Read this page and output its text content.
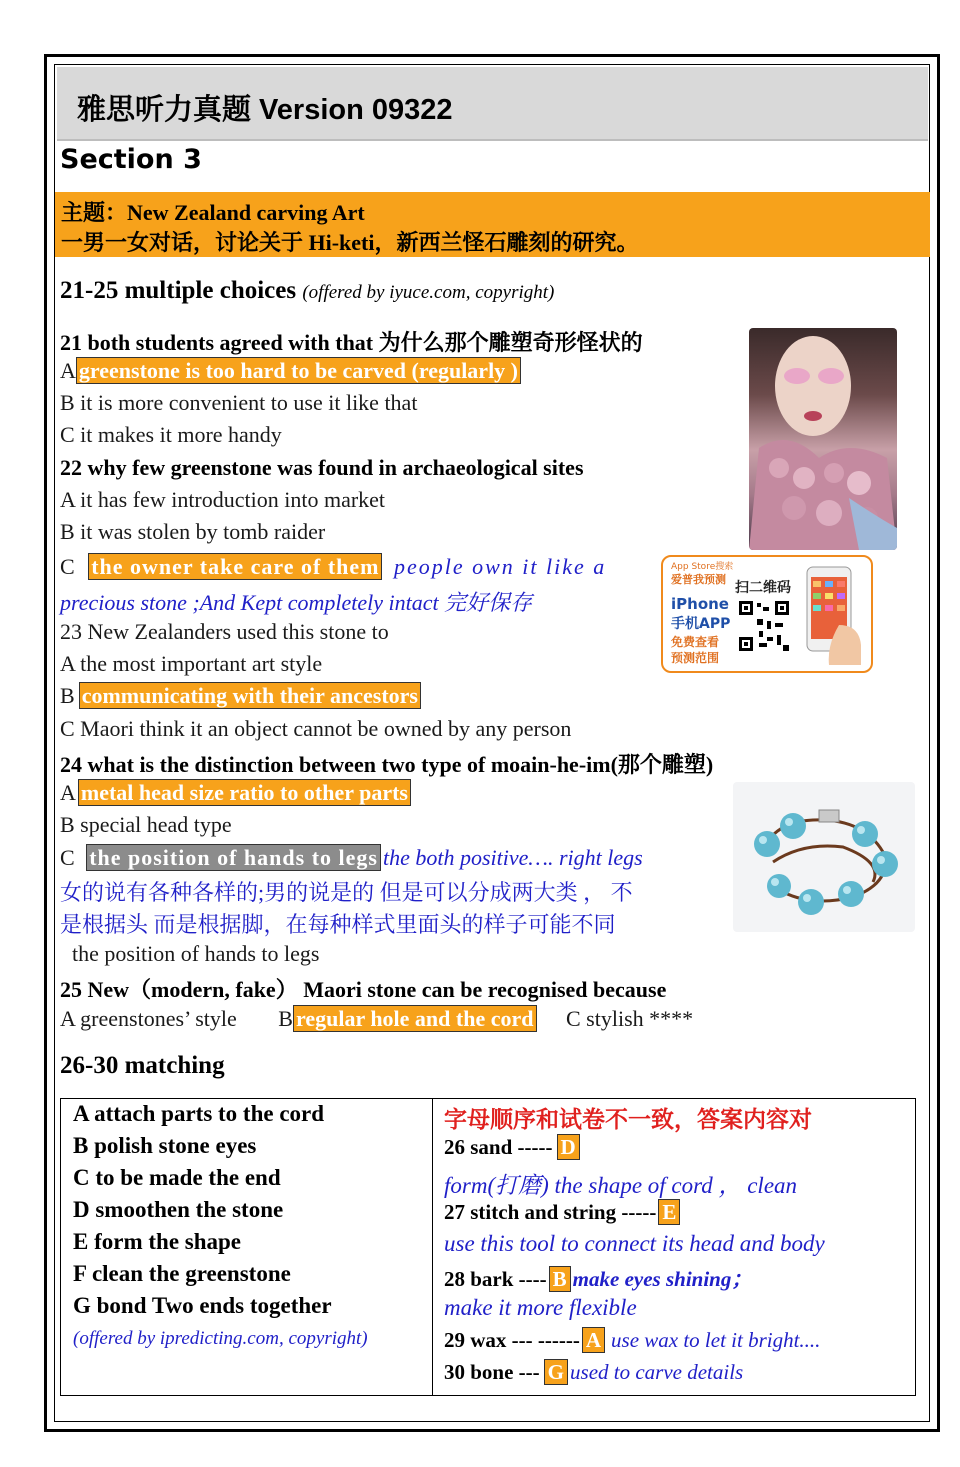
雅思听力真题 Version 09322
Section 3
主题：New Zealand carving Art
一男一女对话，讨论关于 Hi-keti，新西兰怪石雕刻的研究。
21-25 multiple choices (offered by iyuce.com, copyright)
21 both students agreed with that 为什么那个雕塑奇形怪状的
A greenstone is too hard to be carved (regularly )
B it is more convenient to use it like that
C it makes it more handy
22 why few greenstone was found in archaeological sites
A it has few introduction into market
B it was stolen by tomb raider
C the owner take care of them people own it like a
precious stone ;And Kept completely intact 完好保存
23 New Zealanders used this stone to
A the most important art style
B communicating with their ancestors
C Maori think it an object cannot be owned by any person
24 what is the distinction between two type of moain-he-im(那个雕塑)
A metal head size ratio to other parts
B special head type
C the position of hands to legs the both positive…. right legs
女的说有各种各样的;男的说是的 但是可以分成两大类 ， 不
是根据头 而是根据脚，在每种样式里面头的样子可能不同
the position of hands to legs
25 New（modern, fake） Maori stone can be recognised because
A greenstones’ style B regular hole and the cord C stylish ****
App Store搜索
爱普我预测
iPhone
手机APP
免费查看
预测范围
扫二维码
26-30 matching
A attach parts to the cord
B polish stone eyes
C to be made the end
D smoothen the stone
E form the shape
F clean the greenstone
G bond Two ends together
(offered by ipredicting.com, copyright)
字母顺序和试卷不一致，答案内容对
26 sand ----- D
form(打磨) the shape of cord ， clean
27 stitch and string ----- E
use this tool to connect its head and body
28 bark ---- B make eyes shining；
make it more flexible
29 wax --- ------ A use wax to let it bright....
30 bone --- G used to carve details
